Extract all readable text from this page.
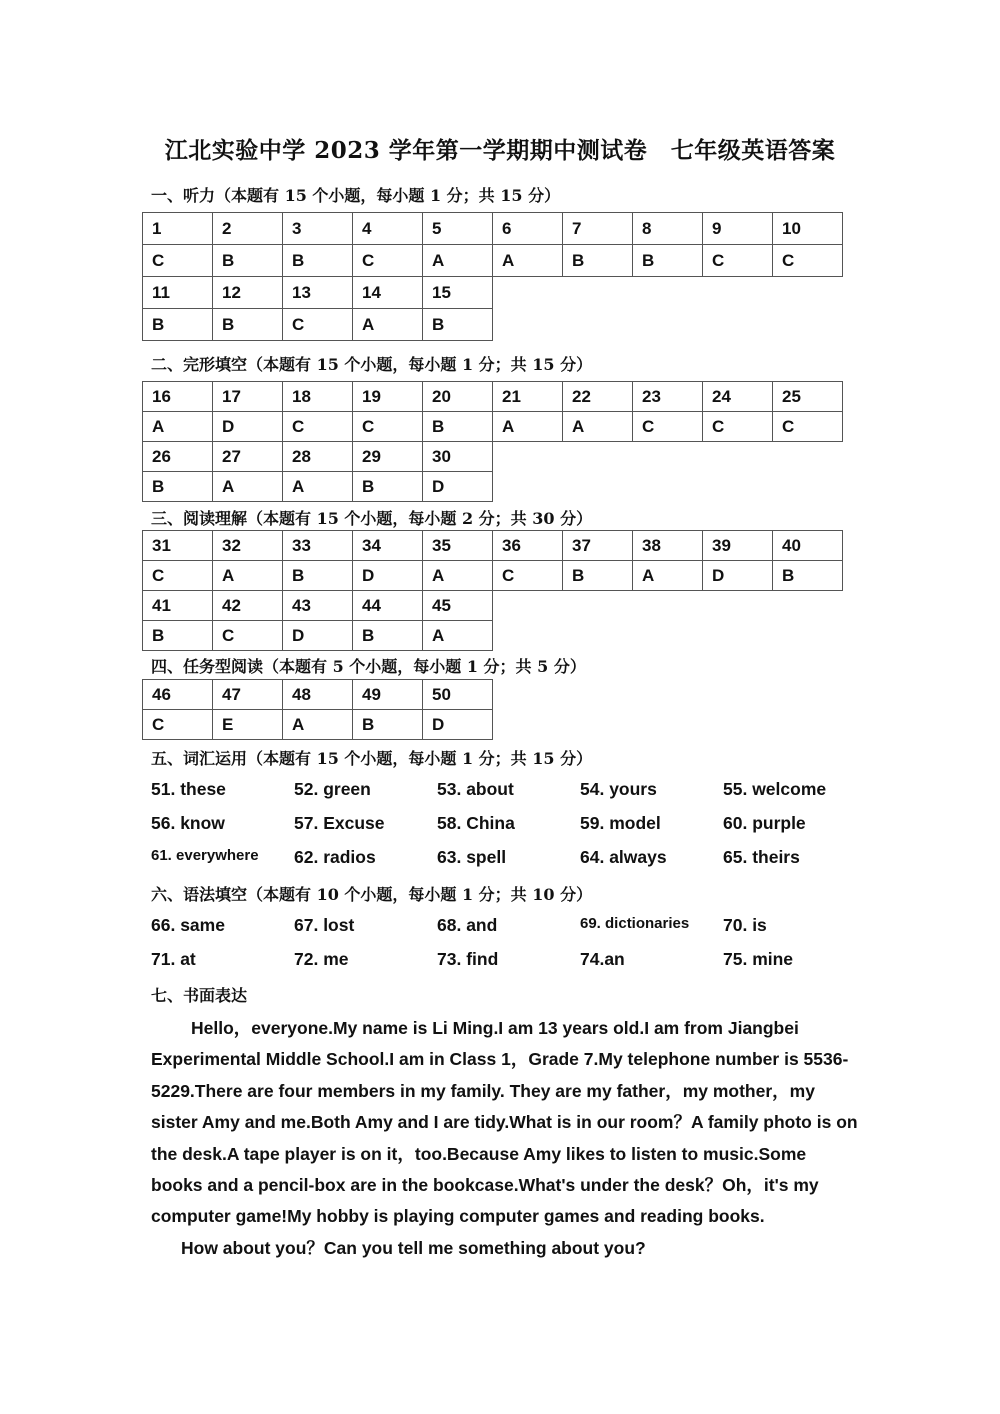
江北实验中学 2023 学年第一学期期中测试卷　七年级英语答案
一、听力（本题有 15 个小题，每小题 1 分；共 15 分）
1	2	3	4	5	6	7	8	9	10
C	B	B	C	A	A	B	B	C	C
11	12	13	14	15					
B	B	C	A	B					
二、完形填空（本题有 15 个小题，每小题 1 分；共 15 分）
16	17	18	19	20	21	22	23	24	25
A	D	C	C	B	A	A	C	C	C
26	27	28	29	30					
B	A	A	B	D					
三、阅读理解（本题有 15 个小题，每小题 2 分；共 30 分）
31	32	33	34	35	36	37	38	39	40
C	A	B	D	A	C	B	A	D	B
41	42	43	44	45					
B	C	D	B	A					
四、任务型阅读（本题有 5 个小题，每小题 1 分；共 5 分）
46	47	48	49	50
C	E	A	B	D
五、词汇运用（本题有 15 个小题，每小题 1 分；共 15 分）
51. these	52. green	53. about	54. yours	55. welcome
56. know	57. Excuse	58. China	59. model	60. purple
61. everywhere 62. radios	63. spell	64. always	65. theirs
六、语法填空（本题有 10 个小题，每小题 1 分；共 10 分）
66. same	67. lost	68. and	69. dictionaries 70. is
71. at	72. me	73. find	74.an	75. mine
七、书面表达

Hello，everyone.My name is Li Ming.I am 13 years old.I am from Jiangbei Experimental Middle School.I am in Class 1，Grade 7.My telephone number is 5536-5229.There are four members in my family. They are my father，my mother，my sister Amy and me.Both Amy and I are tidy.What is in our room？A family photo is on the desk.A tape player is on it，too.Because Amy likes to listen to music.Some books and a pencil-box are in the bookcase.What's under the desk？Oh，it's my computer game!My hobby is playing computer games and reading books.

How about you？Can you tell me something about you?
